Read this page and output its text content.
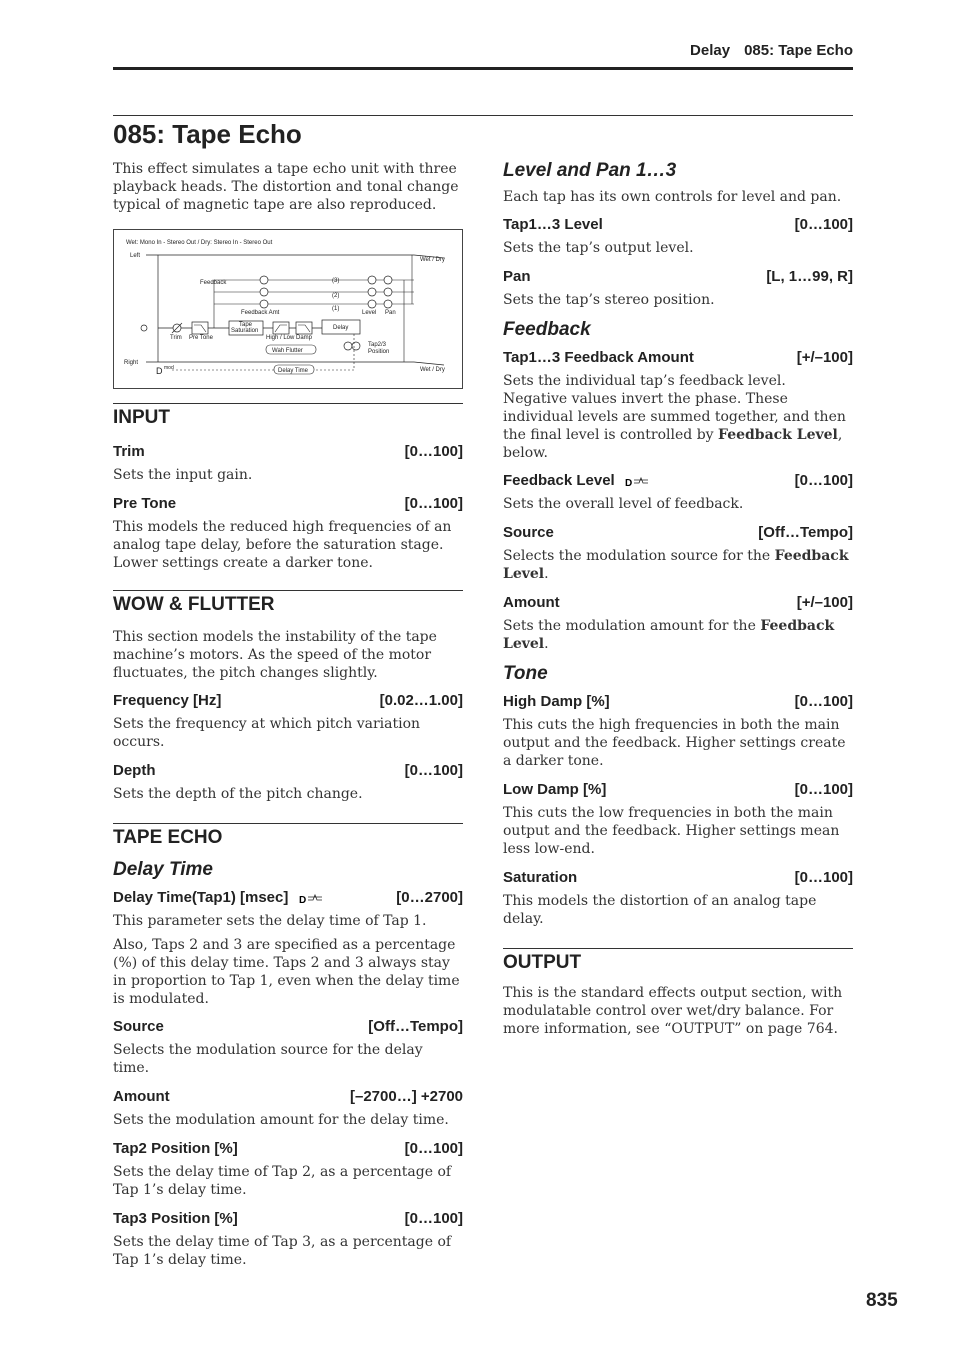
Delay 085: Tape Echo
085: Tape Echo

This effect simulates a tape echo unit with three playback heads. The distortion and tonal change typical of magnetic tape are also reproduced.

Wet: Mono In - Stereo Out / Dry: Stereo In - Stereo Out
Left
Right
Wet / Dry
Wet / Dry
Trim Pre Tone
Tape
Saturation
High / Low Damp
Delay
(3)
(2)
(1)
Feedback
Feedback Amt	Level Pan
Tap2/3
Position
Wah Flutter
Delay Time
D mod
INPUT
Trim	[0…100]

Sets the input gain.

Pre Tone	[0…100]

This models the reduced high frequencies of an analog tape delay, before the saturation stage. Lower settings create a darker tone.

WOW & FLUTTER

This section models the instability of the tape machine’s motors. As the speed of the motor fluctuates, the pitch changes slightly.

Frequency [Hz]	[0.02…1.00]

Sets the frequency at which pitch variation occurs.

Depth	[0…100]

Sets the depth of the pitch change.

TAPE ECHO
Delay Time
Delay Time(Tap1) [msec] D	[0…2700]

This parameter sets the delay time of Tap 1.

Also, Taps 2 and 3 are specified as a percentage (%) of this delay time. Taps 2 and 3 always stay in proportion to Tap 1, even when the delay time is modulated.

Source	[Off…Tempo]

Selects the modulation source for the delay time.

Amount	[–2700…] +2700

Sets the modulation amount for the delay time.

Tap2 Position [%]	[0…100]

Sets the delay time of Tap 2, as a percentage of Tap 1’s delay time.

Tap3 Position [%]	[0…100]

Sets the delay time of Tap 3, as a percentage of Tap 1’s delay time.

Level and Pan 1…3

Each tap has its own controls for level and pan.

Tap1…3 Level	[0…100]

Sets the tap’s output level.

Pan	[L, 1…99, R]

Sets the tap’s stereo position.

Feedback
Tap1…3 Feedback Amount	[+/–100]

Sets the individual tap’s feedback level. Negative values invert the phase. These individual levels are summed together, and then the final level is controlled by Feedback Level, below.

Feedback Level D	[0…100]

Sets the overall level of feedback.

Source	[Off…Tempo]

Selects the modulation source for the Feedback Level.

Amount	[+/–100]

Sets the modulation amount for the Feedback Level.

Tone
High Damp [%]	[0…100]

This cuts the high frequencies in both the main output and the feedback. Higher settings create a darker tone.

Low Damp [%]	[0…100]

This cuts the low frequencies in both the main output and the feedback. Higher settings mean less low-end.

Saturation	[0…100]

This models the distortion of an analog tape delay.

OUTPUT

This is the standard effects output section, with modulatable control over wet/dry balance. For more information, see “OUTPUT” on page 764.

835
